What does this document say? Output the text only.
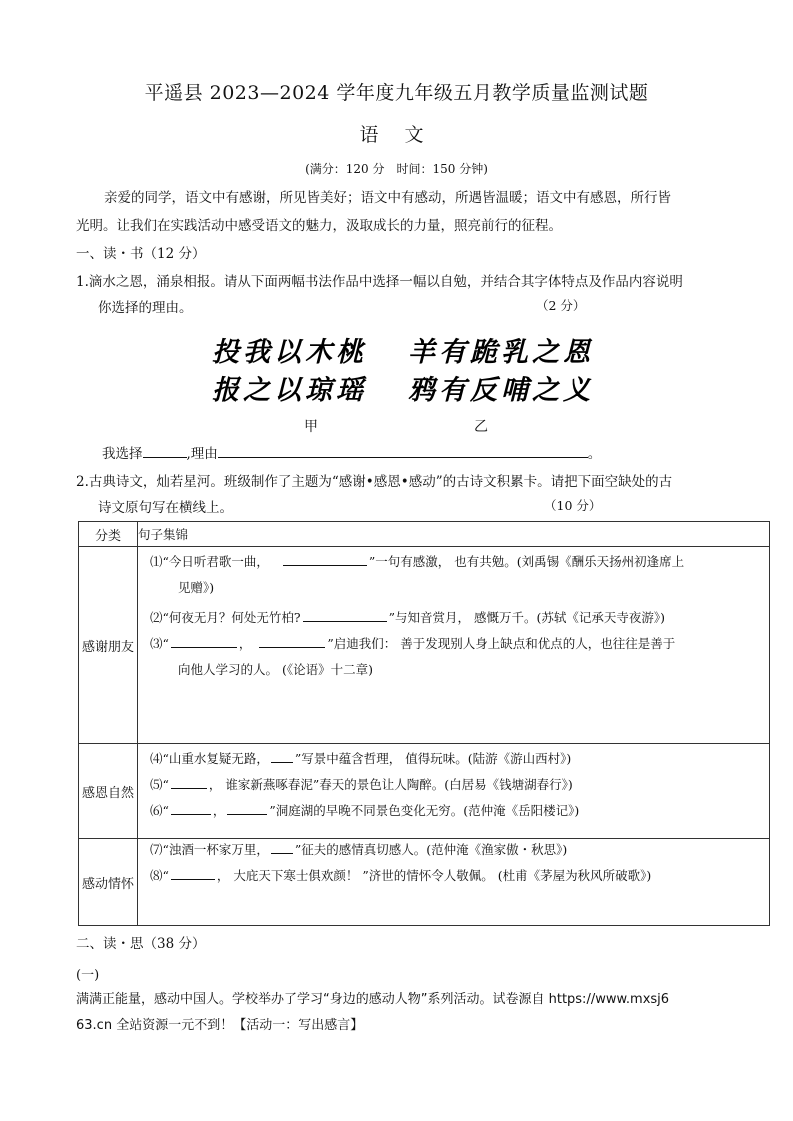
平遥县 2023—2024 学年度九年级五月教学质量监测试题
语 文
(满分：120 分　时间：150 分钟)
亲爱的同学，语文中有感谢，所见皆美好；语文中有感动，所遇皆温暖；语文中有感恩，所行皆
光明。让我们在实践活动中感受语文的魅力，汲取成长的力量，照亮前行的征程。
一、读・书（12 分）
1.滴水之恩，涌泉相报。请从下面两幅书法作品中选择一幅以自勉，并结合其字体特点及作品内容说明
你选择的理由。	（2 分）
投我以木桃
报之以琼瑶
羊有跪乳之恩
鸦有反哺之义
甲	乙
我选择	,理由	。
2.古典诗文，灿若星河。班级制作了主题为“感谢•感恩•感动”的古诗文积累卡。请把下面空缺处的古
诗文原句写在横线上。	（10 分）
分类	句子集锦
感谢朋友	⑴“今日听君歌一曲， ”一句有感激， 也有共勉。(刘禹锡《酬乐天扬州初逢席上
见赠》)
⑵“何夜无月？何处无竹柏? ”与知音赏月， 感慨万千。(苏轼《记承天寺夜游》)
⑶“ ， ”启迪我们： 善于发现别人身上缺点和优点的人，也往往是善于
向他人学习的人。 (《论语》十二章)

感恩自然	⑷“山重水复疑无路， ”写景中蕴含哲理， 值得玩味。(陆游《游山西村》)
⑸“ ， 谁家新燕啄春泥”春天的景色让人陶醉。(白居易《钱塘湖春行》)
⑹“ ， ”洞庭湖的早晚不同景色变化无穷。(范仲淹《岳阳楼记》)

感动情怀	⑺“浊酒一杯家万里， ”征夫的感情真切感人。(范仲淹《渔家傲・秋思》)
⑻“ ， 大庇天下寒士俱欢颜！ ”济世的情怀令人敬佩。 (杜甫《茅屋为秋风所破歌》)
二、读・思（38 分）
(一)
满满正能量，感动中国人。学校举办了学习“身边的感动人物”系列活动。试卷源自 https://www.mxsj6
63.cn 全站资源一元不到！【活动一：写出感言】
